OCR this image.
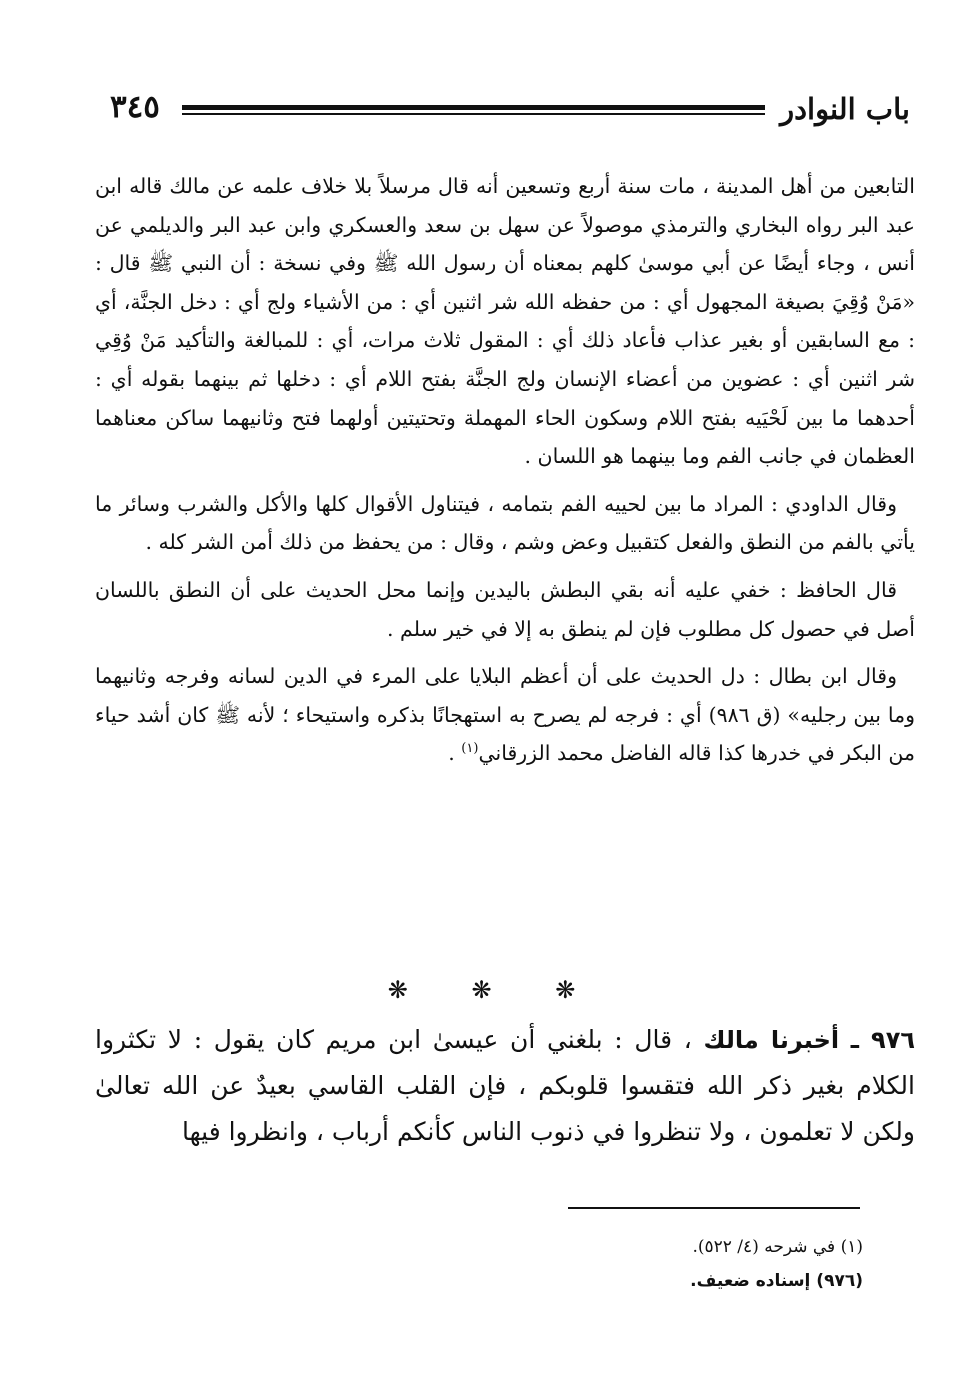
باب النوادر
٣٤٥

التابعين من أهل المدينة ، مات سنة أربع وتسعين أنه قال مرسلاً بلا خلاف علمه عن مالك قاله ابن عبد البر رواه البخاري والترمذي موصولاً عن سهل بن سعد والعسكري وابن عبد البر والديلمي عن أنس ، وجاء أيضًا عن أبي موسىٰ كلهم بمعناه أن رسول الله ﷺ وفي نسخة : أن النبي ﷺ قال : «مَنْ وُقِيَ بصيغة المجهول أي : من حفظه الله شر اثنين أي : من الأشياء ولج أي : دخل الجنَّة، أي : مع السابقين أو بغير عذاب فأعاد ذلك أي : المقول ثلاث مرات، أي : للمبالغة والتأكيد مَنْ وُقِي شر اثنين أي : عضوين من أعضاء الإنسان ولج الجنَّة بفتح اللام أي : دخلها ثم بينهما بقوله أي : أحدهما ما بين لَحْيَيه بفتح اللام وسكون الحاء المهملة وتحتيتين أولهما فتح وثانيهما ساكن معناهما العظمان في جانب الفم وما بينهما هو اللسان .

وقال الداودي : المراد ما بين لحييه الفم بتمامه ، فيتناول الأقوال كلها والأكل والشرب وسائر ما يأتي بالفم من النطق والفعل كتقبيل وعض وشم ، وقال : من يحفظ من ذلك أمن الشر كله .

قال الحافظ : خفي عليه أنه بقي البطش باليدين وإنما محل الحديث على أن النطق باللسان أصل في حصول كل مطلوب فإن لم ينطق به إلا في خير سلم .

وقال ابن بطال : دل الحديث على أن أعظم البلايا على المرء في الدين لسانه وفرجه وثانيهما وما بين رجليه» (ق ٩٨٦) أي : فرجه لم يصرح به استهجانًا بذكره واستيحاء ؛ لأنه ﷺ كان أشد حياء من البكر في خدرها كذا قاله الفاضل محمد الزرقاني$^{(١)}$ .

❋	❋	❋

٩٧٦ ـ أخبرنا مالك ، قال : بلغني أن عيسىٰ ابن مريم كان يقول : لا تكثروا الكلام بغير ذكر الله فتقسوا قلوبكم ، فإن القلب القاسي بعيدٌ عن الله تعالىٰ ولكن لا تعلمون ، ولا تنظروا في ذنوب الناس كأنكم أرباب ، وانظروا فيها

(١) في شرحه (٤/ ٥٢٢).
(٩٧٦) إسناده ضعيف.
